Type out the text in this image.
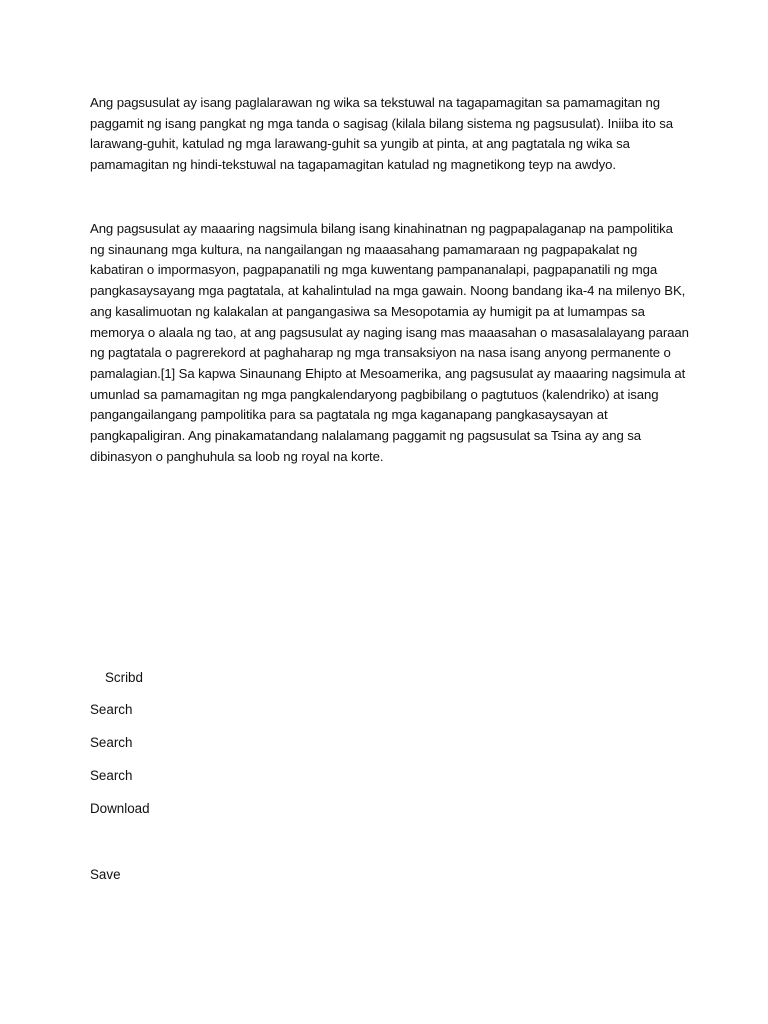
Ang pagsusulat ay isang paglalarawan ng wika sa tekstuwal na tagapamagitan sa pamamagitan ng paggamit ng isang pangkat ng mga tanda o sagisag (kilala bilang sistema ng pagsusulat). Iniiba ito sa larawang-guhit, katulad ng mga larawang-guhit sa yungib at pinta, at ang pagtatala ng wika sa pamamagitan ng hindi-tekstuwal na tagapamagitan katulad ng magnetikong teyp na awdyo.

Ang pagsusulat ay maaaring nagsimula bilang isang kinahinatnan ng pagpapalaganap na pampolitika ng sinaunang mga kultura, na nangailangan ng maaasahang pamamaraan ng pagpapakalat ng kabatiran o impormasyon, pagpapanatili ng mga kuwentang pampananalapi, pagpapanatili ng mga pangkasaysayang mga pagtatala, at kahalintulad na mga gawain. Noong bandang ika-4 na milenyo BK, ang kasalimuotan ng kalakalan at pangangasiwa sa Mesopotamia ay humigit pa at lumampas sa memorya o alaala ng tao, at ang pagsusulat ay naging isang mas maaasahan o masasalalayang paraan ng pagtatala o pagrerekord at paghaharap ng mga transaksiyon na nasa isang anyong permanente o pamalagian.[1] Sa kapwa Sinaunang Ehipto at Mesoamerika, ang pagsusulat ay maaaring nagsimula at umunlad sa pamamagitan ng mga pangkalendaryong pagbibilang o pagtutuos (kalendriko) at isang pangangailangang pampolitika para sa pagtatala ng mga kaganapang pangkasaysayan at pangkapaligiran. Ang pinakamatandang nalalamang paggamit ng pagsusulat sa Tsina ay ang sa dibinasyon o panghuhula sa loob ng royal na korte.

Scribd

Search

Search

Search

Download

Save
